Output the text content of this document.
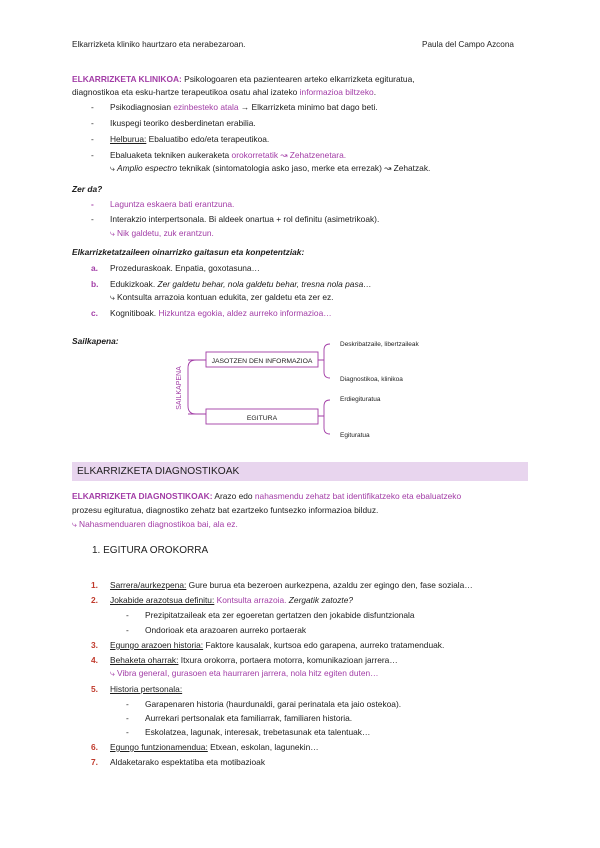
Elkarrizketa kliniko haurtzaro eta nerabezaroan.	Paula del Campo Azcona
ELKARRIZKETA KLINIKOA: Psikologoaren eta pazientearen arteko elkarrizketa egituratua,
diagnostikoa eta esku-hartze terapeutikoa osatu ahal izateko informazioa biltzeko.
- Psikodiagnosian ezinbesteko atala → Elkarrizketa minimo bat dago beti.
- Ikuspegi teoriko desberdinetan erabilia.
- Helburua: Ebaluatibo edo/eta terapeutikoa.
- Ebaluaketa tekniken aukeraketa orokorretatik ↝ Zehatzenetara.
⤷ Amplio espectro teknikak (sintomatologia asko jaso, merke eta errezak) ↝ Zehatzak.
Zer da?
- Laguntza eskaera bati erantzuna.
- Interakzio interpertsonala. Bi aldeek onartua + rol definitu (asimetrikoak).
⤷ Nik galdetu, zuk erantzun.
Elkarrizketatzaileen oinarrizko gaitasun eta konpetentziak:
a. Prozeduraskoak. Enpatia, goxotasuna…
b. Edukizkoak. Zer galdetu behar, nola galdetu behar, tresna nola pasa…
⤷ Kontsulta arrazoia kontuan edukita, zer galdetu eta zer ez.
c. Kognitiboak. Hizkuntza egokia, aldez aurreko informazioa…
Sailkapena:
SAILKAPENA
JASOTZEN DEN INFORMAZIOA
EGITURA
Deskribatzaile, libertzaileak
Diagnostikoa, klinikoa
Erdiegituratua
Egituratua
ELKARRIZKETA DIAGNOSTIKOAK
ELKARRIZKETA DIAGNOSTIKOAK: Arazo edo nahasmendu zehatz bat identifikatzeko eta ebaluatzeko
prozesu egituratua, diagnostiko zehatz bat ezartzeko funtsezko informazioa bilduz.
⤷ Nahasmenduaren diagnostikoa bai, ala ez.
1. EGITURA OROKORRA
1. Sarrera/aurkezpena: Gure burua eta bezeroen aurkezpena, azaldu zer egingo den, fase soziala…
2. Jokabide arazotsua definitu: Kontsulta arrazoia. Zergatik zatozte?
- Prezipitatzaileak eta zer egoeretan gertatzen den jokabide disfuntzionala
- Ondorioak eta arazoaren aurreko portaerak
3. Egungo arazoen historia: Faktore kausalak, kurtsoa edo garapena, aurreko tratamenduak.
4. Behaketa oharrak: Itxura orokorra, portaera motorra, komunikazioan jarrera…
⤷ Vibra generaI, gurasoen eta haurraren jarrera, nola hitz egiten duten…
5. Historia pertsonala:
- Garapenaren historia (haurdunaldi, garai perinatala eta jaio ostekoa).
- Aurrekari pertsonalak eta familiarrak, familiaren historia.
- Eskolatzea, lagunak, interesak, trebetasunak eta talentuak…
6. Egungo funtzionamendua: Etxean, eskolan, lagunekin…
7. Aldaketarako espektatiba eta motibazioak
